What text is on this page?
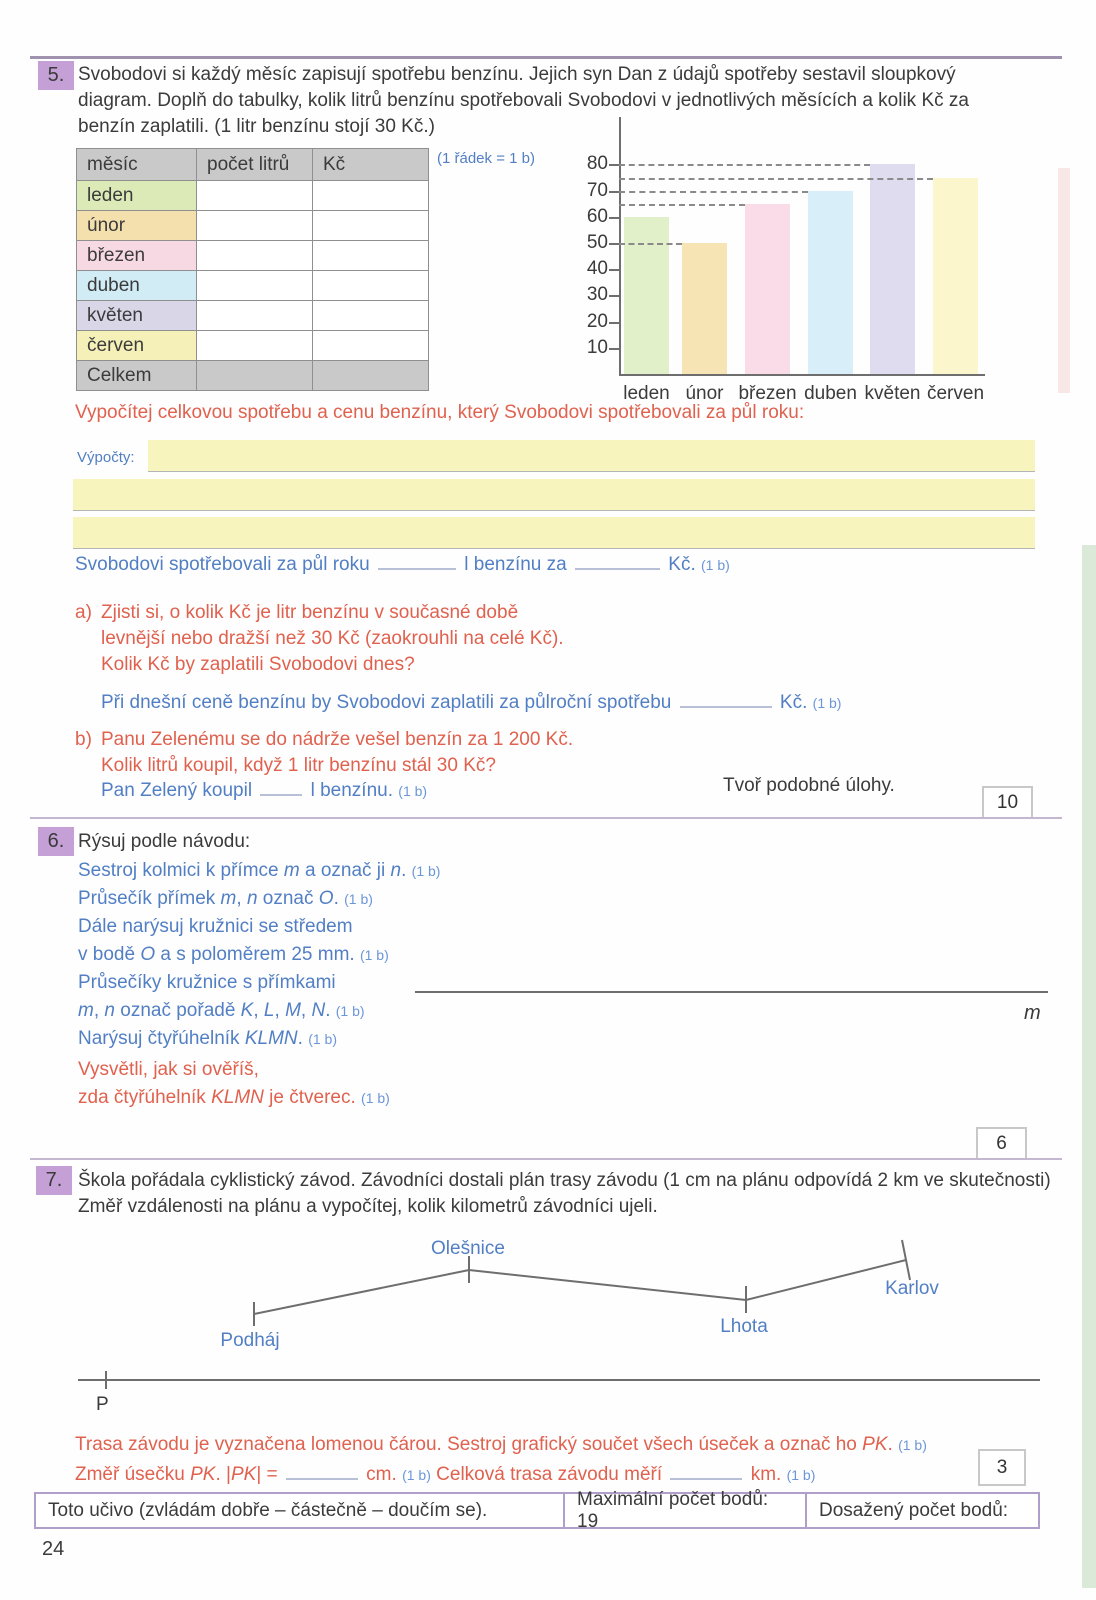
5. Svobodovi si každý měsíc zapisují spotřebu benzínu. Jejich syn Dan z údajů spotřeby sestavil sloupkový diagram. Doplň do tabulky, kolik litrů benzínu spotřebovali Svobodovi v jednotlivých měsících a kolik Kč za benzín zaplatili. (1 litr benzínu stojí 30 Kč.)
měsíc	počet litrů	Kč
leden		
únor		
březen		
duben		
květen		
červen		
Celkem		
(1 řádek = 1 b)
10
20
30
40
50
60
70
80
leden únor březen duben květen červen
Vypočítej celkovou spotřebu a cenu benzínu, který Svobodovi spotřebovali za půl roku:
Výpočty:
Svobodovi spotřebovali za půl roku	l benzínu za	Kč. (1 b)
a) Zjisti si, o kolik Kč je litr benzínu v současné době
levnější nebo dražší než 30 Kč (zaokrouhli na celé Kč).
Kolik Kč by zaplatili Svobodovi dnes?
Při dnešní ceně benzínu by Svobodovi zaplatili za půlroční spotřebu	Kč. (1 b)
b) Panu Zelenému se do nádrže vešel benzín za 1 200 Kč.
Kolik litrů koupil, když 1 litr benzínu stál 30 Kč?
Pan Zelený koupil	l benzínu. (1 b)	Tvoř podobné úlohy.
10
6. Rýsuj podle návodu:
Sestroj kolmici k přímce m a označ ji n. (1 b)
Průsečík přímek m, n označ O. (1 b)
Dále narýsuj kružnici se středem
v bodě O a s poloměrem 25 mm. (1 b)
Průsečíky kružnice s přímkami
m, n označ pořadě K, L, M, N. (1 b)
Narýsuj čtyřúhelník KLMN. (1 b)
m
Vysvětli, jak si ověříš,
zda čtyřúhelník KLMN je čtverec. (1 b)
6
7. Škola pořádala cyklistický závod. Závodníci dostali plán trasy závodu (1 cm na plánu odpovídá 2 km ve skutečnosti)
Změř vzdálenosti na plánu a vypočítej, kolik kilometrů závodníci ujeli.
Olešnice
Podháj
Lhota
Karlov
P
Trasa závodu je vyznačena lomenou čárou. Sestroj grafický součet všech úseček a označ ho PK. (1 b)
Změř úsečku PK. |PK| =	cm. (1 b) Celková trasa závodu měří	km. (1 b)	3
Toto učivo (zvládám dobře – částečně – doučím se).
Maximální počet bodů: 19
Dosažený počet bodů:
24
